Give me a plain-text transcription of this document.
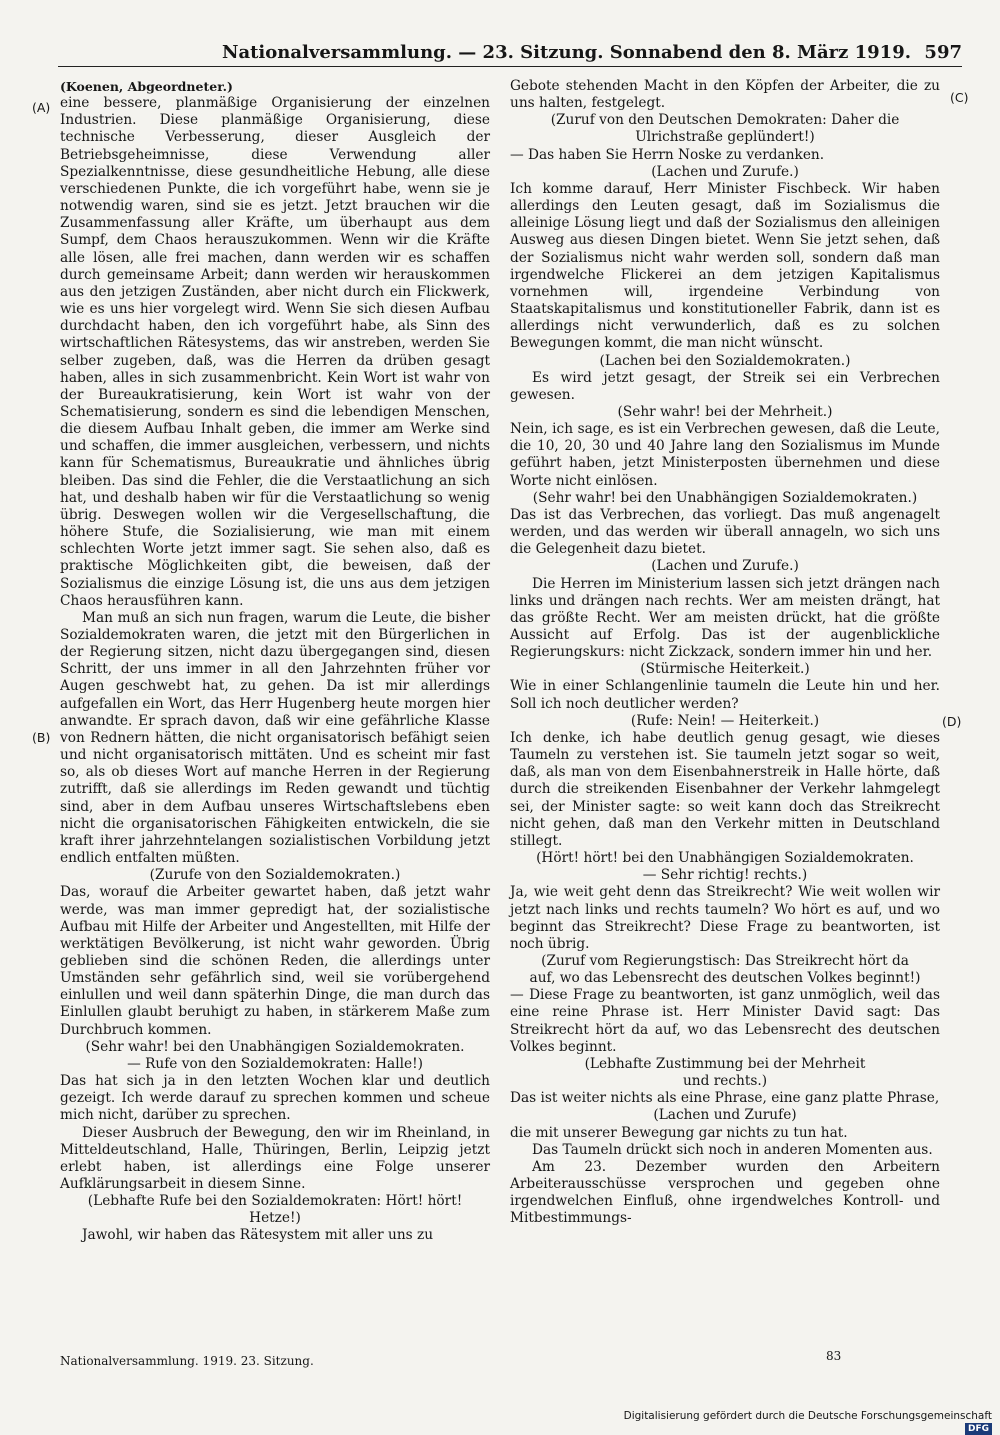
Nationalversammlung. — 23. Sitzung. Sonnabend den 8. März 1919. 597
(A)
(B)
(C)
(D)

(Koenen, Abgeordneter.)

eine bessere, planmäßige Organisierung der einzelnen Industrien. Diese planmäßige Organisierung, diese technische Verbesserung, dieser Ausgleich der Betriebsgeheimnisse, diese Verwendung aller Spezialkenntnisse, diese gesundheitliche Hebung, alle diese verschiedenen Punkte, die ich vorgeführt habe, wenn sie je notwendig waren, sind sie es jetzt. Jetzt brauchen wir die Zusammenfassung aller Kräfte, um überhaupt aus dem Sumpf, dem Chaos herauszukommen. Wenn wir die Kräfte alle lösen, alle frei machen, dann werden wir es schaffen durch gemeinsame Arbeit; dann werden wir herauskommen aus den jetzigen Zuständen, aber nicht durch ein Flickwerk, wie es uns hier vorgelegt wird. Wenn Sie sich diesen Aufbau durchdacht haben, den ich vorgeführt habe, als Sinn des wirtschaftlichen Rätesystems, das wir anstreben, werden Sie selber zugeben, daß, was die Herren da drüben gesagt haben, alles in sich zusammenbricht. Kein Wort ist wahr von der Bureaukratisierung, kein Wort ist wahr von der Schematisierung, sondern es sind die lebendigen Menschen, die diesem Aufbau Inhalt geben, die immer am Werke sind und schaffen, die immer ausgleichen, verbessern, und nichts kann für Schematismus, Bureaukratie und ähnliches übrig bleiben. Das sind die Fehler, die die Verstaatlichung an sich hat, und deshalb haben wir für die Verstaatlichung so wenig übrig. Deswegen wollen wir die Vergesellschaftung, die höhere Stufe, die Sozialisierung, wie man mit einem schlechten Worte jetzt immer sagt. Sie sehen also, daß es praktische Möglichkeiten gibt, die beweisen, daß der Sozialismus die einzige Lösung ist, die uns aus dem jetzigen Chaos herausführen kann.

Man muß an sich nun fragen, warum die Leute, die bisher Sozialdemokraten waren, die jetzt mit den Bürgerlichen in der Regierung sitzen, nicht dazu übergegangen sind, diesen Schritt, der uns immer in all den Jahrzehnten früher vor Augen geschwebt hat, zu gehen. Da ist mir allerdings aufgefallen ein Wort, das Herr Hugenberg heute morgen hier anwandte. Er sprach davon, daß wir eine gefährliche Klasse von Rednern hätten, die nicht organisatorisch befähigt seien und nicht organisatorisch mittäten. Und es scheint mir fast so, als ob dieses Wort auf manche Herren in der Regierung zutrifft, daß sie allerdings im Reden gewandt und tüchtig sind, aber in dem Aufbau unseres Wirtschaftslebens eben nicht die organisatorischen Fähigkeiten entwickeln, die sie kraft ihrer jahrzehntelangen sozialistischen Vorbildung jetzt endlich entfalten müßten.

(Zurufe von den Sozialdemokraten.)

Das, worauf die Arbeiter gewartet haben, daß jetzt wahr werde, was man immer gepredigt hat, der sozialistische Aufbau mit Hilfe der Arbeiter und Angestellten, mit Hilfe der werktätigen Bevölkerung, ist nicht wahr geworden. Übrig geblieben sind die schönen Reden, die allerdings unter Umständen sehr gefährlich sind, weil sie vorübergehend einlullen und weil dann späterhin Dinge, die man durch das Einlullen glaubt beruhigt zu haben, in stärkerem Maße zum Durchbruch kommen.

(Sehr wahr! bei den Unabhängigen Sozialdemokraten.

— Rufe von den Sozialdemokraten: Halle!)

Das hat sich ja in den letzten Wochen klar und deutlich gezeigt. Ich werde darauf zu sprechen kommen und scheue mich nicht, darüber zu sprechen.

Dieser Ausbruch der Bewegung, den wir im Rheinland, in Mitteldeutschland, Halle, Thüringen, Berlin, Leipzig jetzt erlebt haben, ist allerdings eine Folge unserer Aufklärungsarbeit in diesem Sinne.

(Lebhafte Rufe bei den Sozialdemokraten: Hört! hört!

Hetze!)

Jawohl, wir haben das Rätesystem mit aller uns zu

Gebote stehenden Macht in den Köpfen der Arbeiter, die zu uns halten, festgelegt.

(Zuruf von den Deutschen Demokraten: Daher die

Ulrichstraße geplündert!)

— Das haben Sie Herrn Noske zu verdanken.

(Lachen und Zurufe.)

Ich komme darauf, Herr Minister Fischbeck. Wir haben allerdings den Leuten gesagt, daß im Sozialismus die alleinige Lösung liegt und daß der Sozialismus den alleinigen Ausweg aus diesen Dingen bietet. Wenn Sie jetzt sehen, daß der Sozialismus nicht wahr werden soll, sondern daß man irgendwelche Flickerei an dem jetzigen Kapitalismus vornehmen will, irgendeine Verbindung von Staatskapitalismus und konstitutioneller Fabrik, dann ist es allerdings nicht verwunderlich, daß es zu solchen Bewegungen kommt, die man nicht wünscht.

(Lachen bei den Sozialdemokraten.)

Es wird jetzt gesagt, der Streik sei ein Verbrechen gewesen.

(Sehr wahr! bei der Mehrheit.)

Nein, ich sage, es ist ein Verbrechen gewesen, daß die Leute, die 10, 20, 30 und 40 Jahre lang den Sozialismus im Munde geführt haben, jetzt Ministerposten übernehmen und diese Worte nicht einlösen.

(Sehr wahr! bei den Unabhängigen Sozialdemokraten.)

Das ist das Verbrechen, das vorliegt. Das muß angenagelt werden, und das werden wir überall annageln, wo sich uns die Gelegenheit dazu bietet.

(Lachen und Zurufe.)

Die Herren im Ministerium lassen sich jetzt drängen nach links und drängen nach rechts. Wer am meisten drängt, hat das größte Recht. Wer am meisten drückt, hat die größte Aussicht auf Erfolg. Das ist der augenblickliche Regierungskurs: nicht Zickzack, sondern immer hin und her.

(Stürmische Heiterkeit.)

Wie in einer Schlangenlinie taumeln die Leute hin und her. Soll ich noch deutlicher werden?

(Rufe: Nein! — Heiterkeit.)

Ich denke, ich habe deutlich genug gesagt, wie dieses Taumeln zu verstehen ist. Sie taumeln jetzt sogar so weit, daß, als man von dem Eisenbahnerstreik in Halle hörte, daß durch die streikenden Eisenbahner der Verkehr lahmgelegt sei, der Minister sagte: so weit kann doch das Streikrecht nicht gehen, daß man den Verkehr mitten in Deutschland stillegt.

(Hört! hört! bei den Unabhängigen Sozialdemokraten.

— Sehr richtig! rechts.)

Ja, wie weit geht denn das Streikrecht? Wie weit wollen wir jetzt nach links und rechts taumeln? Wo hört es auf, und wo beginnt das Streikrecht? Diese Frage zu beantworten, ist noch übrig.

(Zuruf vom Regierungstisch: Das Streikrecht hört da

auf, wo das Lebensrecht des deutschen Volkes beginnt!)

— Diese Frage zu beantworten, ist ganz unmöglich, weil das eine reine Phrase ist. Herr Minister David sagt: Das Streikrecht hört da auf, wo das Lebensrecht des deutschen Volkes beginnt.

(Lebhafte Zustimmung bei der Mehrheit

und rechts.)

Das ist weiter nichts als eine Phrase, eine ganz platte Phrase,

(Lachen und Zurufe)

die mit unserer Bewegung gar nichts zu tun hat.

Das Taumeln drückt sich noch in anderen Momenten aus.

Am 23. Dezember wurden den Arbeitern Arbeiterausschüsse versprochen und gegeben ohne irgendwelchen Einfluß, ohne irgendwelches Kontroll- und Mitbestimmungs-

Nationalversammlung. 1919. 23. Sitzung.	83
Digitalisierung gefördert durch die Deutsche ForschungsgemeinschaftDFG
